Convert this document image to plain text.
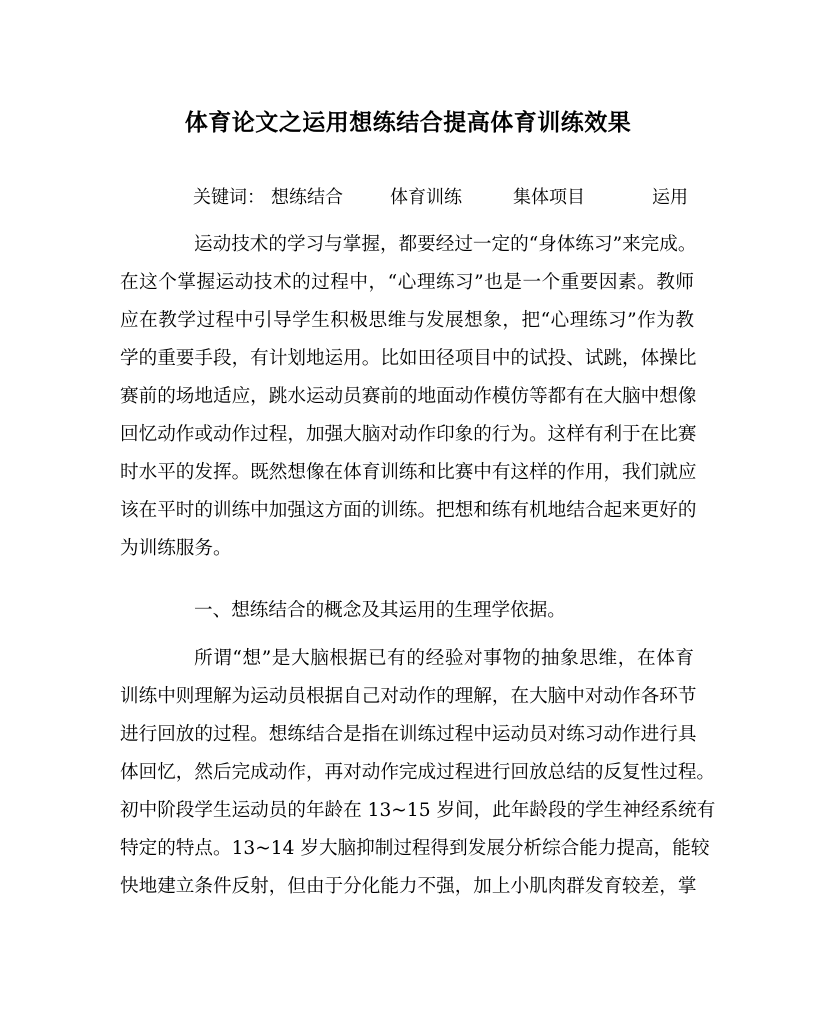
体育论文之运用想练结合提高体育训练效果
关键词： 想练结合	体育训练	集体项目	运用
运动技术的学习与掌握，都要经过一定的“身体练习”来完成。
在这个掌握运动技术的过程中，“心理练习”也是一个重要因素。教师
应在教学过程中引导学生积极思维与发展想象，把“心理练习”作为教
学的重要手段，有计划地运用。比如田径项目中的试投、试跳，体操比
赛前的场地适应，跳水运动员赛前的地面动作模仿等都有在大脑中想像
回忆动作或动作过程，加强大脑对动作印象的行为。这样有利于在比赛
时水平的发挥。既然想像在体育训练和比赛中有这样的作用，我们就应
该在平时的训练中加强这方面的训练。把想和练有机地结合起来更好的
为训练服务。
一、想练结合的概念及其运用的生理学依据。
所谓“想”是大脑根据已有的经验对事物的抽象思维，在体育
训练中则理解为运动员根据自己对动作的理解，在大脑中对动作各环节
进行回放的过程。想练结合是指在训练过程中运动员对练习动作进行具
体回忆，然后完成动作，再对动作完成过程进行回放总结的反复性过程。
初中阶段学生运动员的年龄在 13~15 岁间，此年龄段的学生神经系统有
特定的特点。13~14 岁大脑抑制过程得到发展分析综合能力提高，能较
快地建立条件反射，但由于分化能力不强，加上小肌肉群发育较差，掌
